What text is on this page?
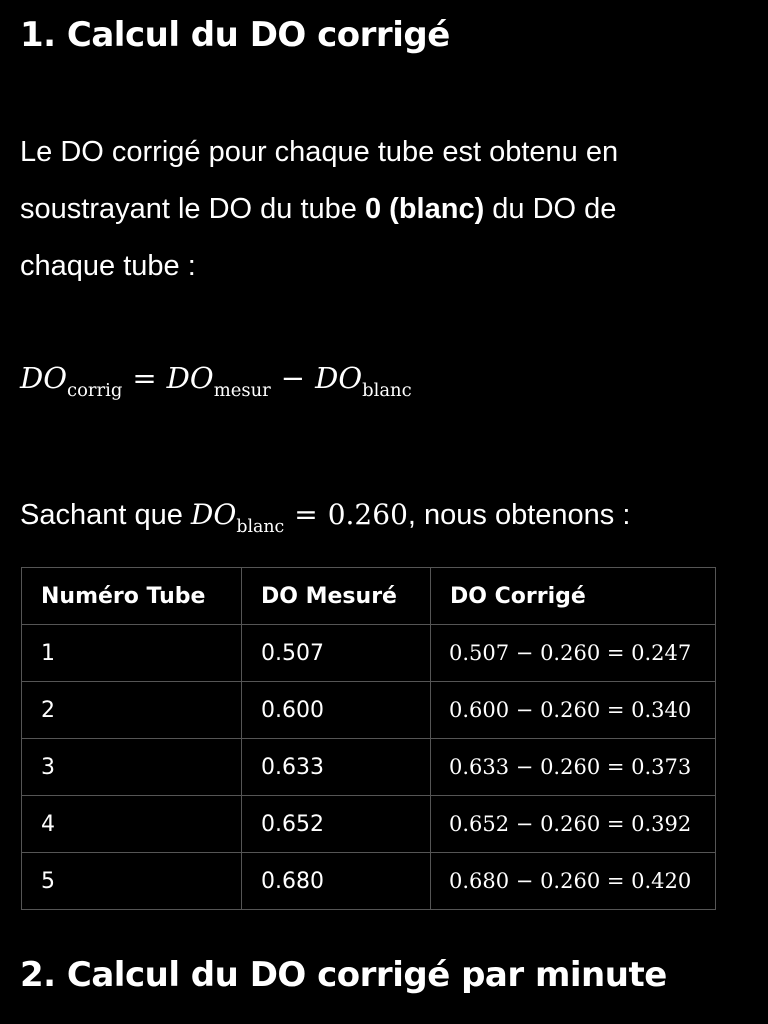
1. Calcul du DO corrigé

Le DO corrigé pour chaque tube est obtenu en
soustrayant le DO du tube 0 (blanc) du DO de
chaque tube :

$DO_{corrig} = DO_{mesur} - DO_{blanc}$
Sachant que $DO_{blanc} = 0.260$, nous obtenons :
Numéro Tube	DO Mesuré	DO Corrigé
1	0.507	0.507 − 0.260 = 0.247
2	0.600	0.600 − 0.260 = 0.340
3	0.633	0.633 − 0.260 = 0.373
4	0.652	0.652 − 0.260 = 0.392
5	0.680	0.680 − 0.260 = 0.420
2. Calcul du DO corrigé par minute
